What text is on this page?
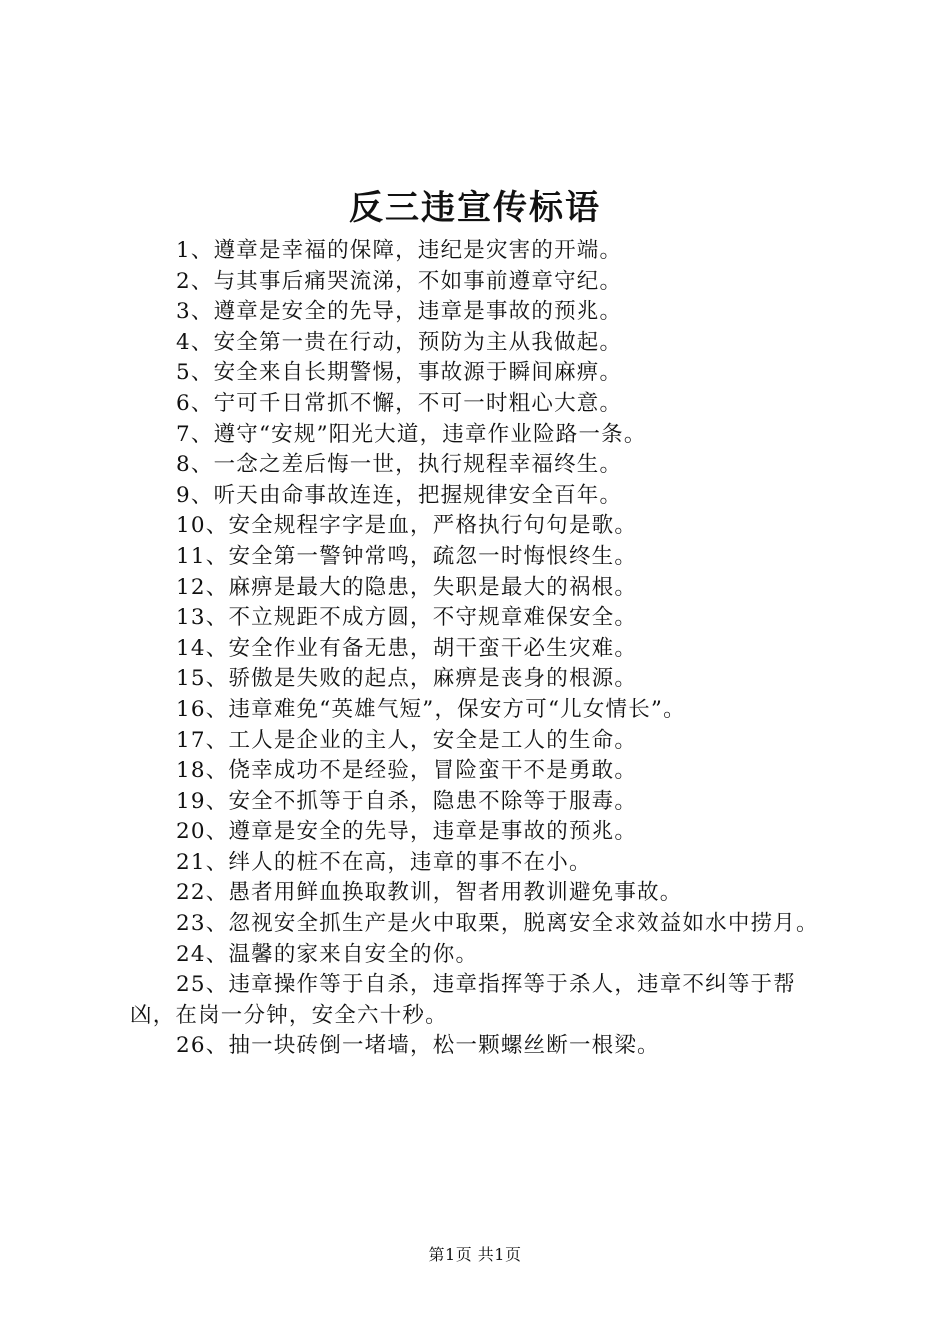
反三违宣传标语
1、遵章是幸福的保障，违纪是灾害的开端。
2、与其事后痛哭流涕，不如事前遵章守纪。
3、遵章是安全的先导，违章是事故的预兆。
4、安全第一贵在行动，预防为主从我做起。
5、安全来自长期警惕，事故源于瞬间麻痹。
6、宁可千日常抓不懈，不可一时粗心大意。
7、遵守“安规”阳光大道，违章作业险路一条。
8、一念之差后悔一世，执行规程幸福终生。
9、听天由命事故连连，把握规律安全百年。
10、安全规程字字是血，严格执行句句是歌。
11、安全第一警钟常鸣，疏忽一时悔恨终生。
12、麻痹是最大的隐患，失职是最大的祸根。
13、不立规距不成方圆，不守规章难保安全。
14、安全作业有备无患，胡干蛮干必生灾难。
15、骄傲是失败的起点，麻痹是丧身的根源。
16、违章难免“英雄气短”，保安方可“儿女情长”。
17、工人是企业的主人，安全是工人的生命。
18、侥幸成功不是经验，冒险蛮干不是勇敢。
19、安全不抓等于自杀，隐患不除等于服毒。
20、遵章是安全的先导，违章是事故的预兆。
21、绊人的桩不在高，违章的事不在小。
22、愚者用鲜血换取教训，智者用教训避免事故。
23、忽视安全抓生产是火中取栗，脱离安全求效益如水中捞月。
24、温馨的家来自安全的你。
25、违章操作等于自杀，违章指挥等于杀人，违章不纠等于帮凶，在岗一分钟，安全六十秒。
26、抽一块砖倒一堵墙，松一颗螺丝断一根梁。
第1页 共1页
